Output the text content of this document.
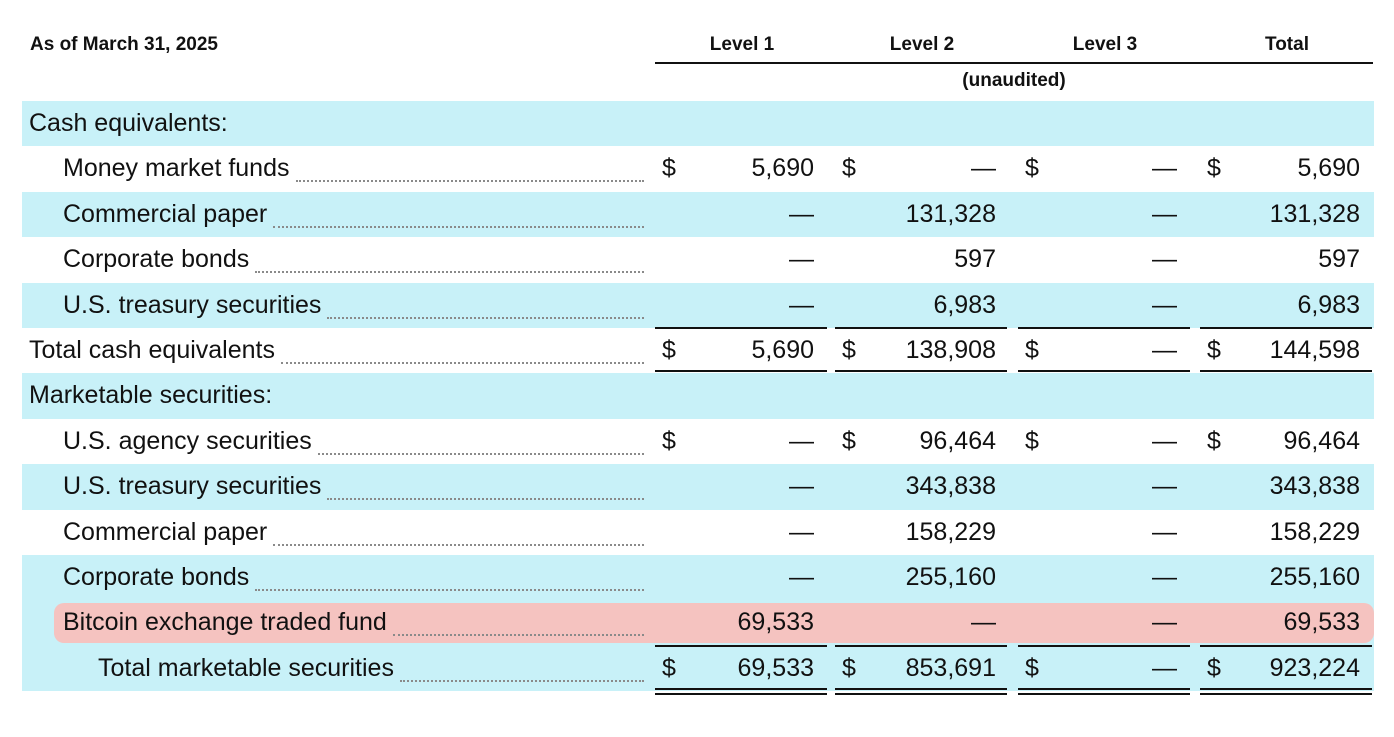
As of March 31, 2025	Level 1	Level 2	Level 3	Total
(unaudited)
Cash equivalents:
Money market funds	$	5,690 $	— $	— $	5,690
Commercial paper	—	131,328	—	131,328
Corporate bonds	—	597	—	597
U.S. treasury securities	—	6,983	—	6,983
Total cash equivalents	$	5,690 $	138,908 $	— $	144,598
Marketable securities:
U.S. agency securities	$	— $	96,464 $	— $	96,464
U.S. treasury securities	—	343,838	—	343,838
Commercial paper	—	158,229	—	158,229
Corporate bonds	—	255,160	—	255,160
Bitcoin exchange traded fund	69,533	—	—	69,533
Total marketable securities	$	69,533 $	853,691 $	— $	923,224
